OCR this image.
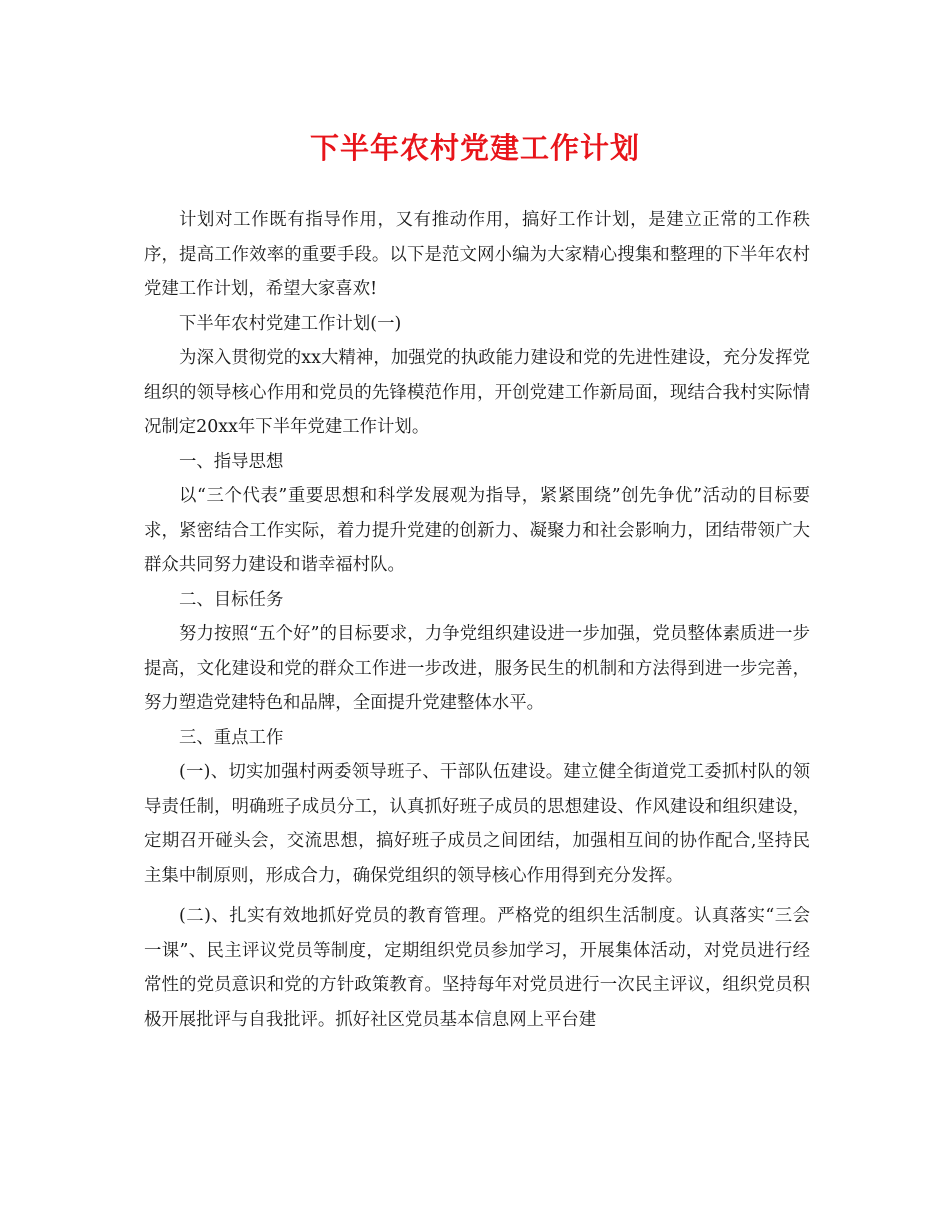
下半年农村党建工作计划

计划对工作既有指导作用，又有推动作用，搞好工作计划，是建立正常的工作秩序，提高工作效率的重要手段。以下是范文网小编为大家精心搜集和整理的下半年农村党建工作计划，希望大家喜欢!

下半年农村党建工作计划(一)

为深入贯彻党的xx大精神，加强党的执政能力建设和党的先进性建设，充分发挥党组织的领导核心作用和党员的先锋模范作用，开创党建工作新局面，现结合我村实际情况制定20xx年下半年党建工作计划。

一、指导思想

以“三个代表”重要思想和科学发展观为指导，紧紧围绕”创先争优”活动的目标要求，紧密结合工作实际，着力提升党建的创新力、凝聚力和社会影响力，团结带领广大群众共同努力建设和谐幸福村队。

二、目标任务

努力按照“五个好”的目标要求，力争党组织建设进一步加强，党员整体素质进一步提高，文化建设和党的群众工作进一步改进，服务民生的机制和方法得到进一步完善，努力塑造党建特色和品牌，全面提升党建整体水平。

三、重点工作

(一)、切实加强村两委领导班子、干部队伍建设。建立健全街道党工委抓村队的领导责任制，明确班子成员分工，认真抓好班子成员的思想建设、作风建设和组织建设，定期召开碰头会，交流思想，搞好班子成员之间团结，加强相互间的协作配合,坚持民主集中制原则，形成合力，确保党组织的领导核心作用得到充分发挥。

(二)、扎实有效地抓好党员的教育管理。严格党的组织生活制度。认真落实“三会一课”、民主评议党员等制度，定期组织党员参加学习，开展集体活动，对党员进行经常性的党员意识和党的方针政策教育。坚持每年对党员进行一次民主评议，组织党员积极开展批评与自我批评。抓好社区党员基本信息网上平台建
